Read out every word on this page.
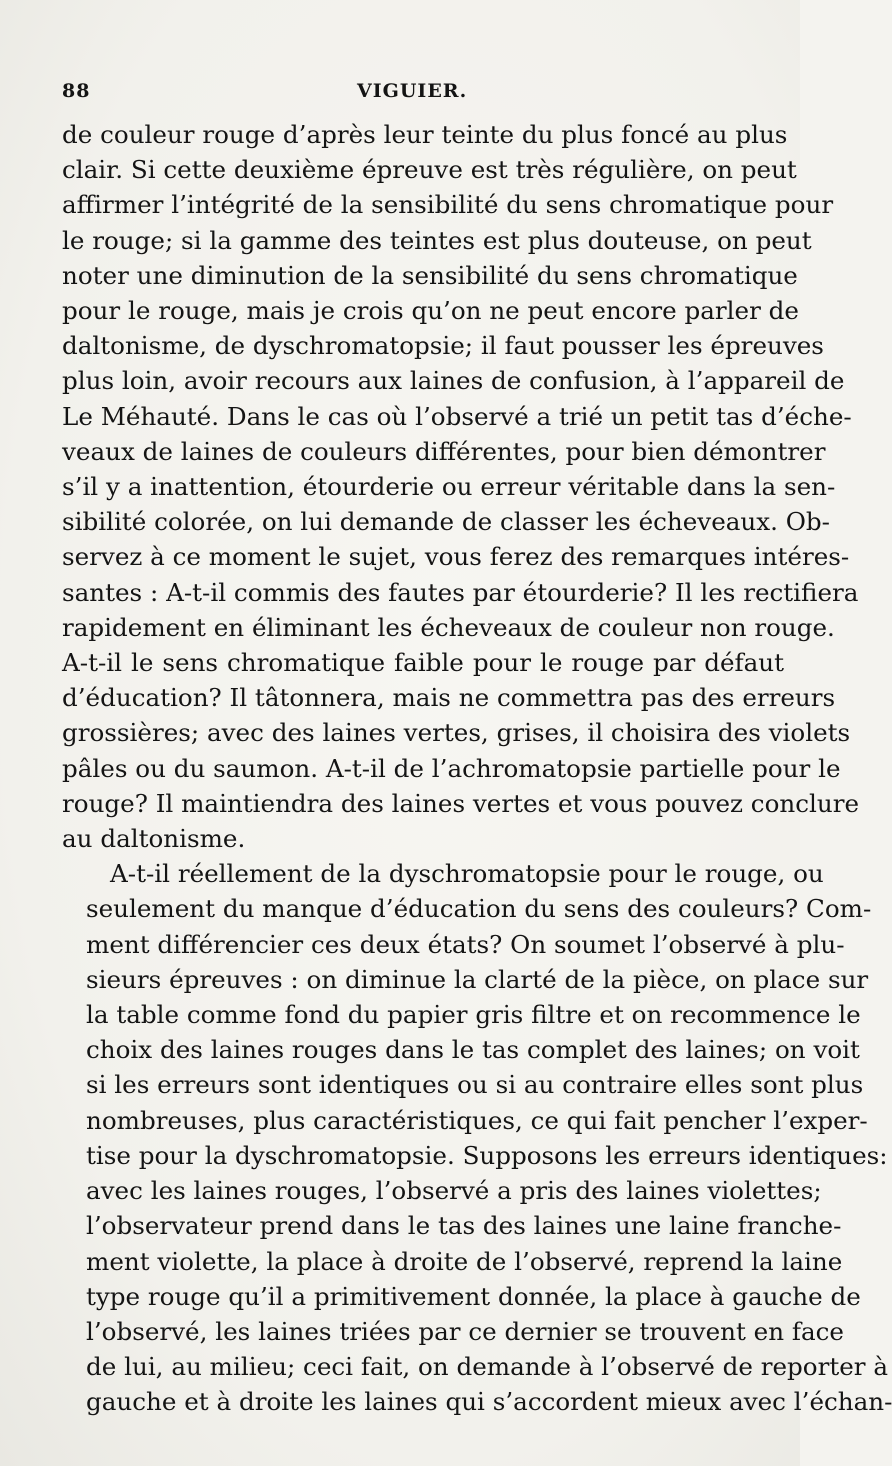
88	VIGUIER.

de couleur rouge d’après leur teinte du plus foncé au plus
clair. Si cette deuxième épreuve est très régulière, on peut
affirmer l’intégrité de la sensibilité du sens chromatique pour
le rouge; si la gamme des teintes est plus douteuse, on peut
noter une diminution de la sensibilité du sens chromatique
pour le rouge, mais je crois qu’on ne peut encore parler de
daltonisme, de dyschromatopsie; il faut pousser les épreuves
plus loin, avoir recours aux laines de confusion, à l’appareil de
Le Méhauté. Dans le cas où l’observé a trié un petit tas d’éche-
veaux de laines de couleurs différentes, pour bien démontrer
s’il y a inattention, étourderie ou erreur véritable dans la sen-
sibilité colorée, on lui demande de classer les écheveaux. Ob-
servez à ce moment le sujet, vous ferez des remarques intéres-
santes : A-t-il commis des fautes par étourderie? Il les rectifiera
rapidement en éliminant les écheveaux de couleur non rouge.
A-t-il le sens chromatique faible pour le rouge par défaut
d’éducation? Il tâtonnera, mais ne commettra pas des erreurs
grossières; avec des laines vertes, grises, il choisira des violets
pâles ou du saumon. A-t-il de l’achromatopsie partielle pour le
rouge? Il maintiendra des laines vertes et vous pouvez conclure
au daltonisme.

A-t-il réellement de la dyschromatopsie pour le rouge, ou
seulement du manque d’éducation du sens des couleurs? Com-
ment différencier ces deux états? On soumet l’observé à plu-
sieurs épreuves : on diminue la clarté de la pièce, on place sur
la table comme fond du papier gris filtre et on recommence le
choix des laines rouges dans le tas complet des laines; on voit
si les erreurs sont identiques ou si au contraire elles sont plus
nombreuses, plus caractéristiques, ce qui fait pencher l’exper-
tise pour la dyschromatopsie. Supposons les erreurs identiques:
avec les laines rouges, l’observé a pris des laines violettes;
l’observateur prend dans le tas des laines une laine franche-
ment violette, la place à droite de l’observé, reprend la laine
type rouge qu’il a primitivement donnée, la place à gauche de
l’observé, les laines triées par ce dernier se trouvent en face
de lui, au milieu; ceci fait, on demande à l’observé de reporter à
gauche et à droite les laines qui s’accordent mieux avec l’échan-
